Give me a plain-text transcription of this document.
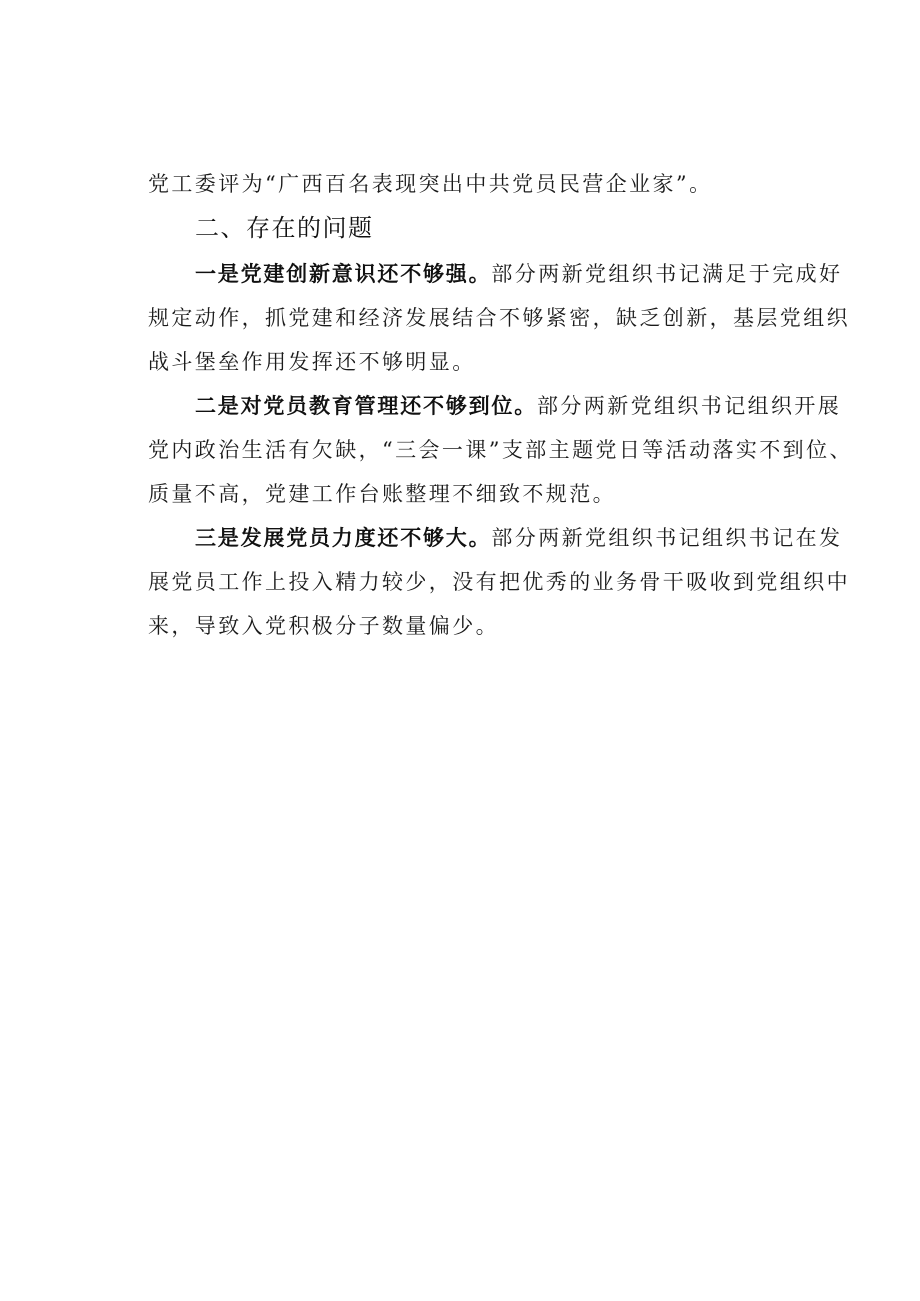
党工委评为“广西百名表现突出中共党员民营企业家”。
二、存在的问题
一是党建创新意识还不够强。部分两新党组织书记满足于完成好
规定动作，抓党建和经济发展结合不够紧密，缺乏创新，基层党组织
战斗堡垒作用发挥还不够明显。
二是对党员教育管理还不够到位。部分两新党组织书记组织开展
党内政治生活有欠缺，“三会一课”支部主题党日等活动落实不到位、
质量不高，党建工作台账整理不细致不规范。
三是发展党员力度还不够大。部分两新党组织书记组织书记在发
展党员工作上投入精力较少，没有把优秀的业务骨干吸收到党组织中
来，导致入党积极分子数量偏少。
